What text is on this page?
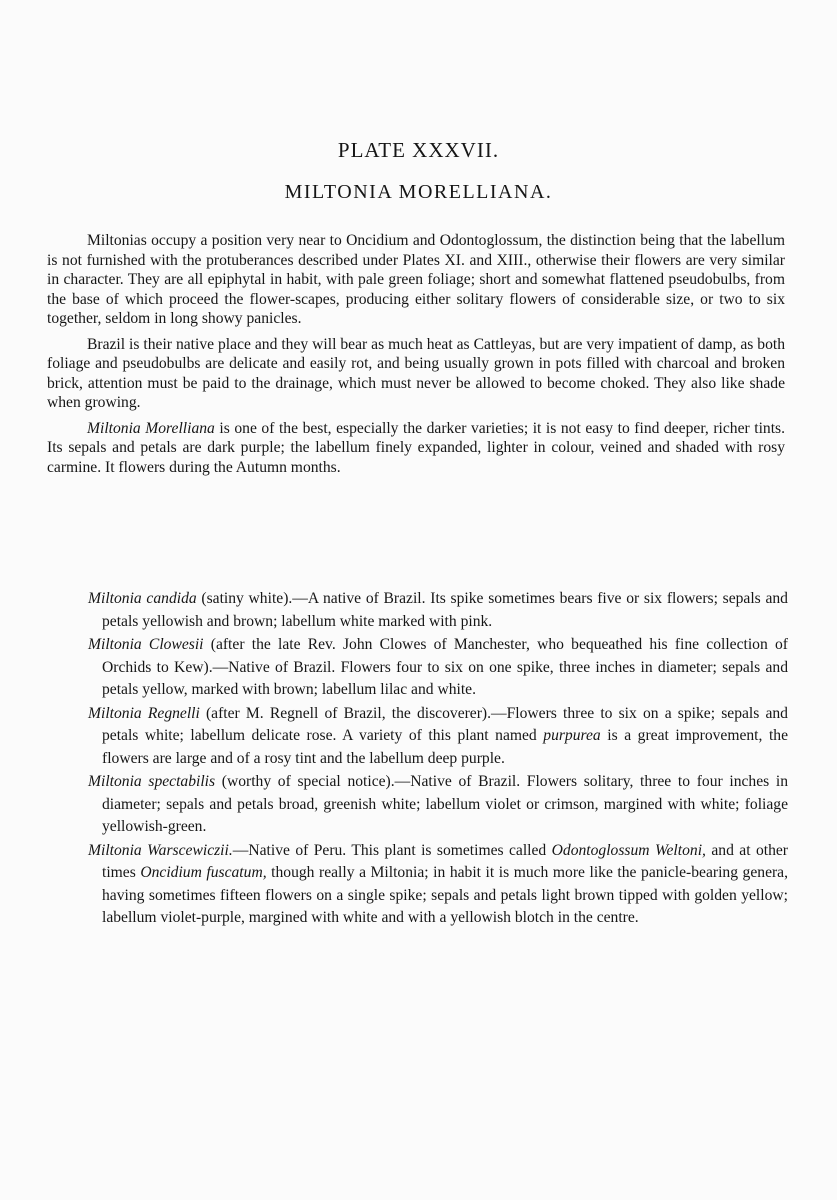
PLATE XXXVII.
MILTONIA MORELLIANA.

Miltonias occupy a position very near to Oncidium and Odontoglossum, the distinction being that the labellum is not furnished with the protuberances described under Plates XI. and XIII., otherwise their flowers are very similar in character. They are all epiphytal in habit, with pale green foliage; short and somewhat flattened pseudobulbs, from the base of which proceed the flower-scapes, producing either solitary flowers of considerable size, or two to six together, seldom in long showy panicles.

Brazil is their native place and they will bear as much heat as Cattleyas, but are very impatient of damp, as both foliage and pseudobulbs are delicate and easily rot, and being usually grown in pots filled with charcoal and broken brick, attention must be paid to the drainage, which must never be allowed to become choked. They also like shade when growing.

Miltonia Morelliana is one of the best, especially the darker varieties; it is not easy to find deeper, richer tints. Its sepals and petals are dark purple; the labellum finely expanded, lighter in colour, veined and shaded with rosy carmine. It flowers during the Autumn months.

Miltonia candida (satiny white).—A native of Brazil. Its spike sometimes bears five or six flowers; sepals and petals yellowish and brown; labellum white marked with pink.

Miltonia Clowesii (after the late Rev. John Clowes of Manchester, who bequeathed his fine collection of Orchids to Kew).—Native of Brazil. Flowers four to six on one spike, three inches in diameter; sepals and petals yellow, marked with brown; labellum lilac and white.

Miltonia Regnelli (after M. Regnell of Brazil, the discoverer).—Flowers three to six on a spike; sepals and petals white; labellum delicate rose. A variety of this plant named purpurea is a great improvement, the flowers are large and of a rosy tint and the labellum deep purple.

Miltonia spectabilis (worthy of special notice).—Native of Brazil. Flowers solitary, three to four inches in diameter; sepals and petals broad, greenish white; labellum violet or crimson, margined with white; foliage yellowish-green.

Miltonia Warscewiczii.—Native of Peru. This plant is sometimes called Odontoglossum Weltoni, and at other times Oncidium fuscatum, though really a Miltonia; in habit it is much more like the panicle-bearing genera, having sometimes fifteen flowers on a single spike; sepals and petals light brown tipped with golden yellow; labellum violet-purple, margined with white and with a yellowish blotch in the centre.
